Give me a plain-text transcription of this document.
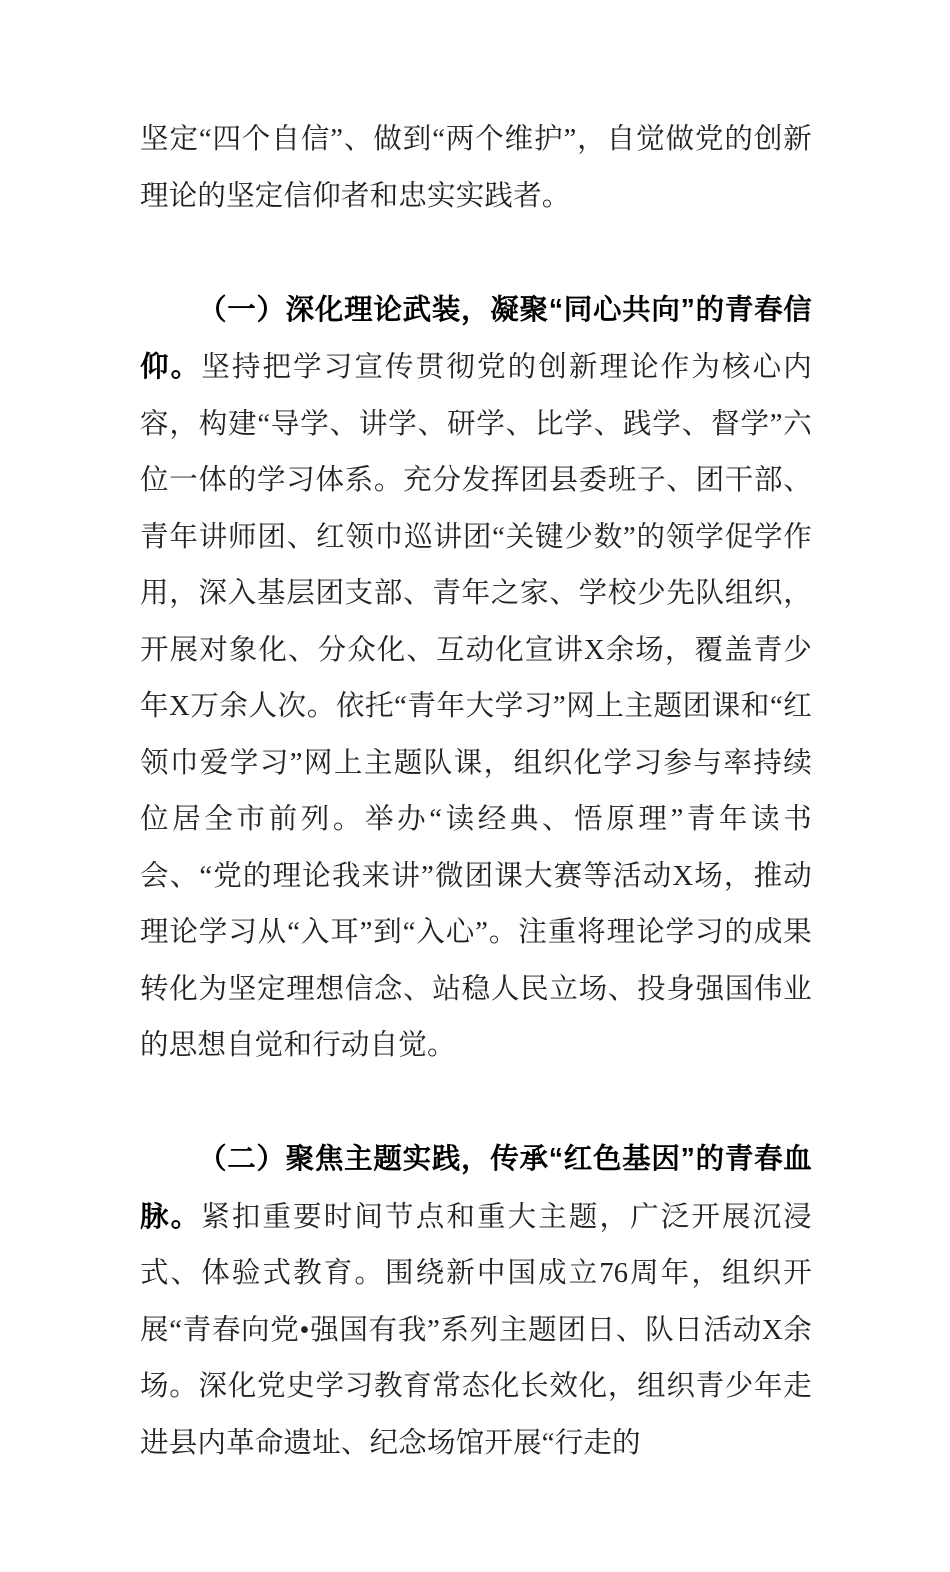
坚定“四个自信”、做到“两个维护”，自觉做党的创新理论的坚定信仰者和忠实实践者。

（一）深化理论武装，凝聚“同心共向”的青春信仰。坚持把学习宣传贯彻党的创新理论作为核心内容，构建“导学、讲学、研学、比学、践学、督学”六位一体的学习体系。充分发挥团县委班子、团干部、青年讲师团、红领巾巡讲团“关键少数”的领学促学作用，深入基层团支部、青年之家、学校少先队组织，开展对象化、分众化、互动化宣讲X余场，覆盖青少年X万余人次。依托“青年大学习”网上主题团课和“红领巾爱学习”网上主题队课，组织化学习参与率持续位居全市前列。举办“读经典、悟原理”青年读书会、“党的理论我来讲”微团课大赛等活动X场，推动理论学习从“入耳”到“入心”。注重将理论学习的成果转化为坚定理想信念、站稳人民立场、投身强国伟业的思想自觉和行动自觉。

（二）聚焦主题实践，传承“红色基因”的青春血脉。紧扣重要时间节点和重大主题，广泛开展沉浸式、体验式教育。围绕新中国成立76周年，组织开展“青春向党•强国有我”系列主题团日、队日活动X余场。深化党史学习教育常态化长效化，组织青少年走进县内革命遗址、纪念场馆开展“行走的
